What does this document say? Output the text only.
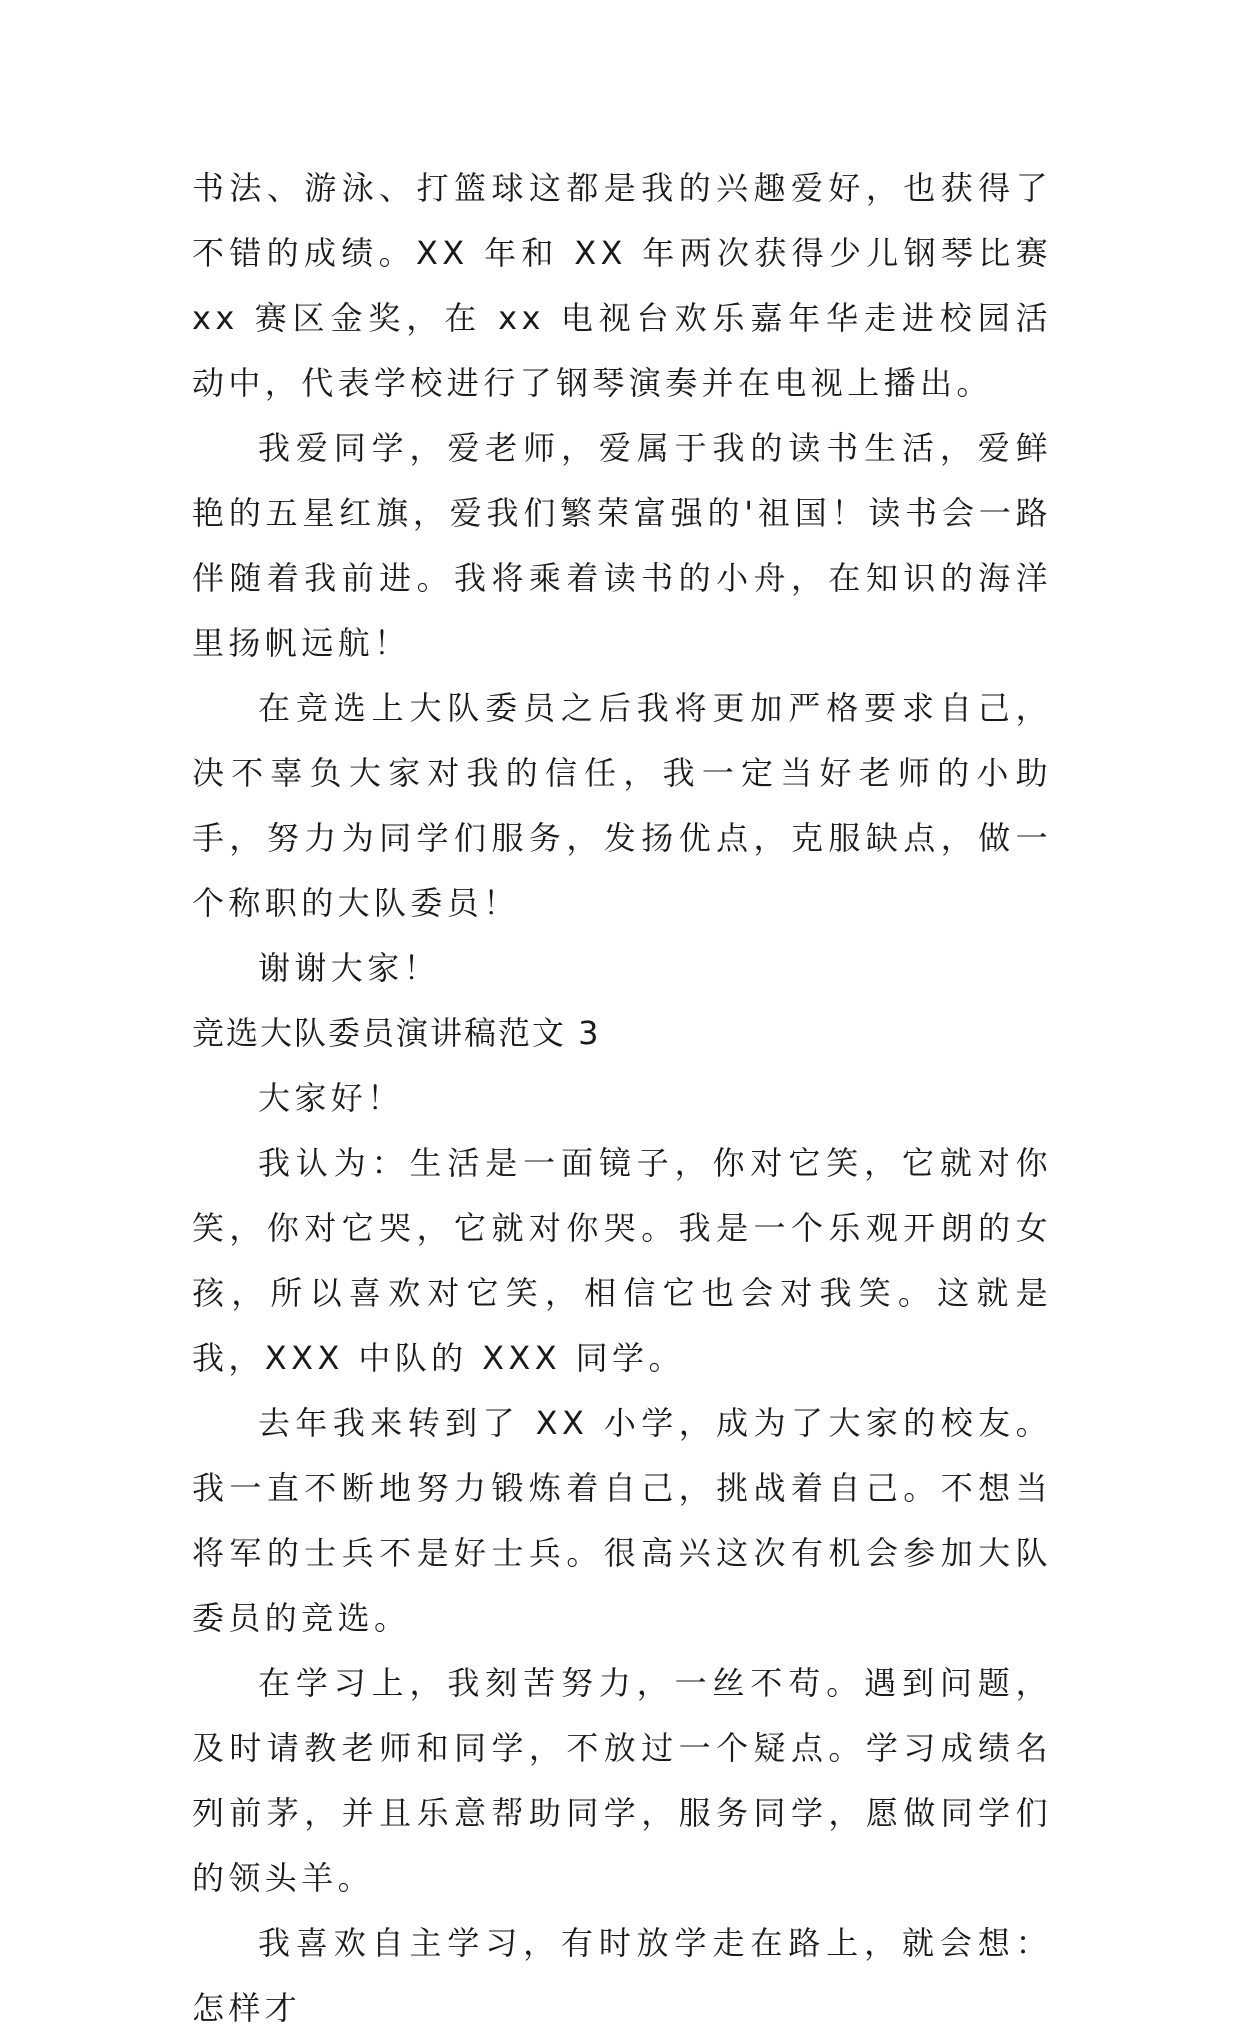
书法、游泳、打篮球这都是我的兴趣爱好，也获得了不错的成绩。XX 年和 XX 年两次获得少儿钢琴比赛 xx 赛区金奖，在 xx 电视台欢乐嘉年华走进校园活动中，代表学校进行了钢琴演奏并在电视上播出。

我爱同学，爱老师，爱属于我的读书生活，爱鲜艳的五星红旗，爱我们繁荣富强的'祖国！读书会一路伴随着我前进。我将乘着读书的小舟，在知识的海洋里扬帆远航！

在竞选上大队委员之后我将更加严格要求自己，决不辜负大家对我的信任，我一定当好老师的小助手，努力为同学们服务，发扬优点，克服缺点，做一个称职的大队委员！

谢谢大家！

竞选大队委员演讲稿范文 3

大家好！

我认为：生活是一面镜子，你对它笑，它就对你笑，你对它哭，它就对你哭。我是一个乐观开朗的女孩，所以喜欢对它笑，相信它也会对我笑。这就是我，XXX 中队的 XXX 同学。

去年我来转到了 XX 小学，成为了大家的校友。我一直不断地努力锻炼着自己，挑战着自己。不想当将军的士兵不是好士兵。很高兴这次有机会参加大队委员的竞选。

在学习上，我刻苦努力，一丝不苟。遇到问题，及时请教老师和同学，不放过一个疑点。学习成绩名列前茅，并且乐意帮助同学，服务同学，愿做同学们的领头羊。

我喜欢自主学习，有时放学走在路上，就会想：怎样才
